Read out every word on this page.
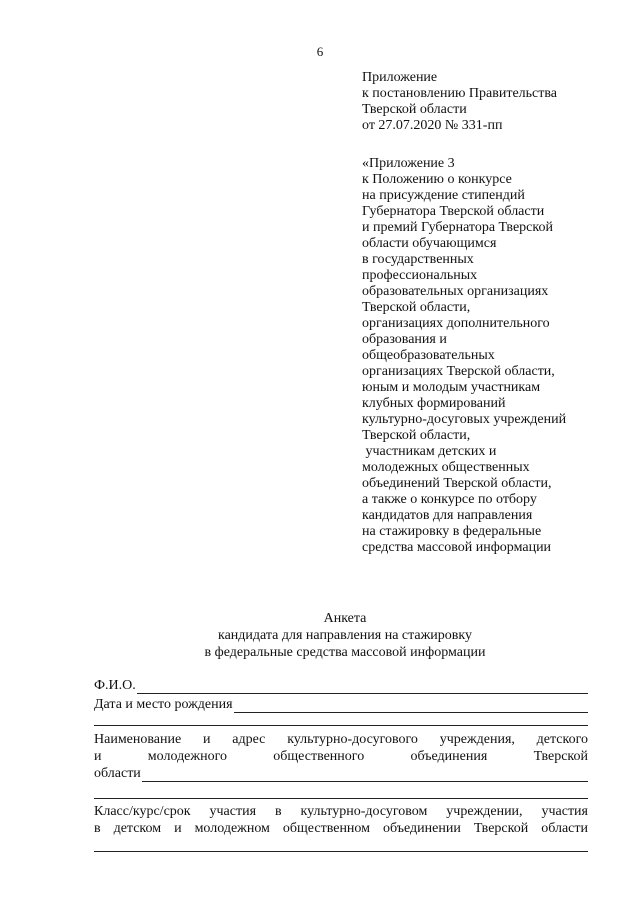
6
Приложение
к постановлению Правительства
Тверской области
от 27.07.2020 № 331-пп
«Приложение 3
к Положению о конкурсе
на присуждение стипендий
Губернатора Тверской области
и премий Губернатора Тверской
области обучающимся
в государственных
профессиональных
образовательных организациях
Тверской области,
организациях дополнительного
образования и
общеобразовательных
организациях Тверской области,
юным и молодым участникам
клубных формирований
культурно-досуговых учреждений
Тверской области,
участникам детских и
молодежных общественных
объединений Тверской области,
а также о конкурсе по отбору
кандидатов для направления
на стажировку в федеральные
средства массовой информации
Анкета
кандидата для направления на стажировку
в федеральные средства массовой информации
Ф.И.О.
Дата и место рождения
Наименование и адрес культурно-досугового учреждения, детского
и молодежного общественного объединения Тверской
области
Класс/курс/срок участия в культурно-досуговом учреждении, участия
в детском и молодежном общественном объединении Тверской области
